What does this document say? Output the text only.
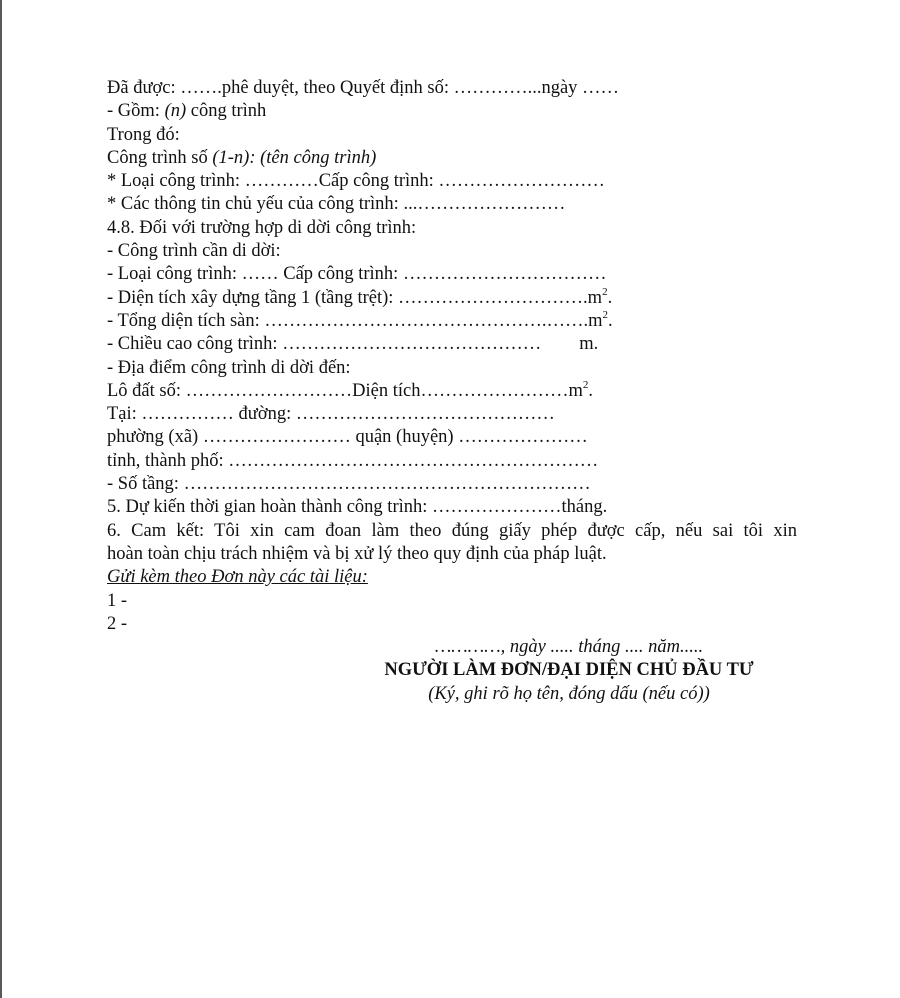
Đã được: …….phê duyệt, theo Quyết định số: …………...ngày ……
- Gồm: (n) công trình
Trong đó:
Công trình số (1-n): (tên công trình)
* Loại công trình: …………Cấp công trình: ………………………
* Các thông tin chủ yếu của công trình: ...……………………
4.8. Đối với trường hợp di dời công trình:
- Công trình cần di dời:
- Loại công trình: …… Cấp công trình: ……………………………
- Diện tích xây dựng tầng 1 (tầng trệt): $\dots\dots\dots\dots\dots\dots\dots\dots\dots\dots.m^2$.
- Tổng diện tích sàn: $\dots\dots\dots\dots\dots\dots\dots\dots\dots\dots\dots\dots\dots\dots\dots.\dots\dots.m^2$.
- Chiều cao công trình: …………………………………… m.
- Địa điểm công trình di dời đến:
Lô đất số: ………………………Diện $tích\dots\dots\dots\dots\dots\dots\dots\dots m^2$.
Tại: …………… đường: ……………………………………
phường (xã) …………………… quận (huyện) …………………
tỉnh, thành phố: ……………………………………………………
- Số tầng: …………………………………………………………
5. Dự kiến thời gian hoàn thành công trình: …………………tháng.
6. Cam kết: Tôi xin cam đoan làm theo đúng giấy phép được cấp, nếu sai tôi xin
hoàn toàn chịu trách nhiệm và bị xử lý theo quy định của pháp luật.
Gửi kèm theo Đơn này các tài liệu:
1 -
2 -
…………, ngày ..... tháng .... năm.....
NGƯỜI LÀM ĐƠN/ĐẠI DIỆN CHỦ ĐẦU TƯ
(Ký, ghi rõ họ tên, đóng dấu (nếu có))
